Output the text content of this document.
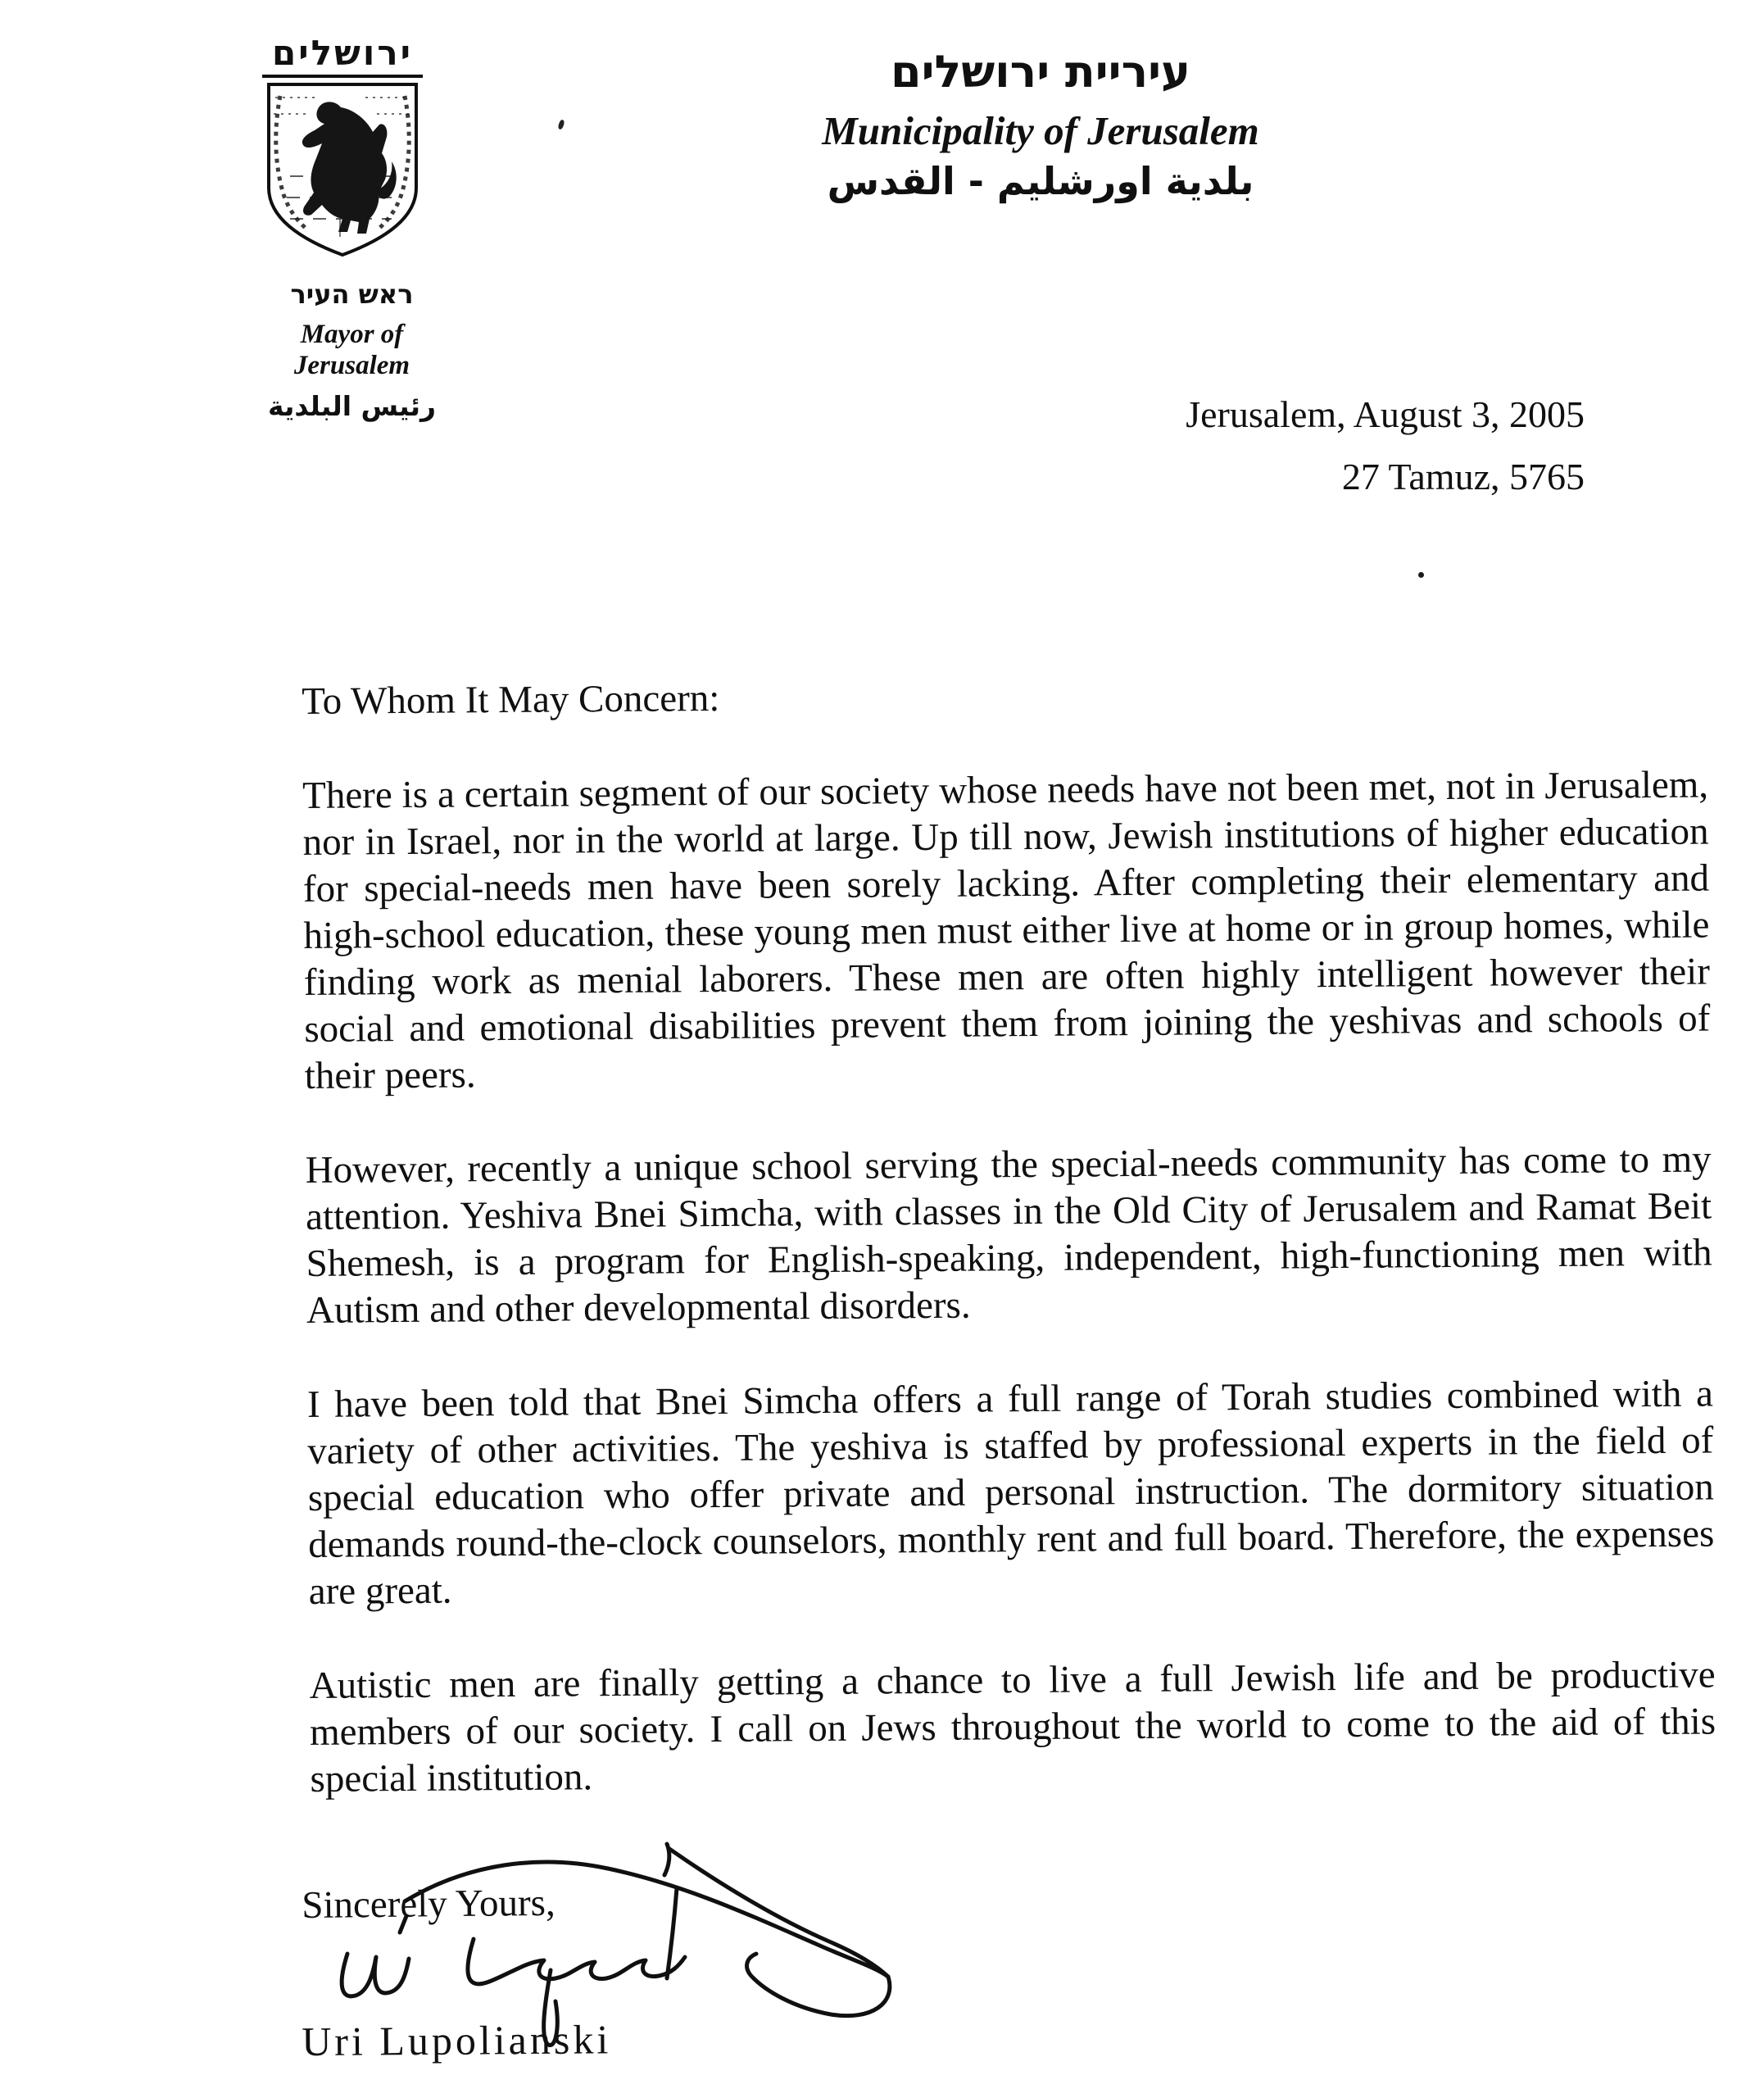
ירושלים
ראש העיר
Mayor of
Jerusalem
رئيس البلدية
עיריית ירושלים
Municipality of Jerusalem
بلدية اورشليم - القدس
Jerusalem, August 3, 2005
27 Tamuz, 5765

To Whom It May Concern:

There is a certain segment of our society whose needs have not been met, not in Jerusalem, nor in Israel, nor in the world at large. Up till now, Jewish institutions of higher education for special-needs men have been sorely lacking. After completing their elementary and high-school education, these young men must either live at home or in group homes, while finding work as menial laborers. These men are often highly intelligent however their social and emotional disabilities prevent them from joining the yeshivas and schools of their peers.

However, recently a unique school serving the special-needs community has come to my attention. Yeshiva Bnei Simcha, with classes in the Old City of Jerusalem and Ramat Beit Shemesh, is a program for English-speaking, independent, high-functioning men with Autism and other developmental disorders.

I have been told that Bnei Simcha offers a full range of Torah studies combined with a variety of other activities. The yeshiva is staffed by professional experts in the field of special education who offer private and personal instruction. The dormitory situation demands round-the-clock counselors, monthly rent and full board. Therefore, the expenses are great.

Autistic men are finally getting a chance to live a full Jewish life and be productive members of our society. I call on Jews throughout the world to come to the aid of this special institution.

Sincerely Yours,
Uri Lupolianski
